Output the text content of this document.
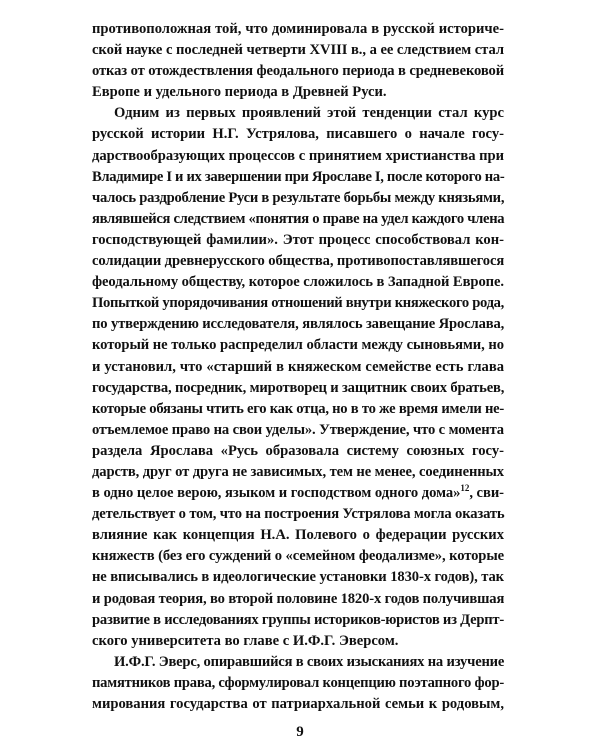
противоположная той, что доминировала в русской историче-
ской науке с последней четверти XVIII в., а ее следствием стал
отказ от отождествления феодального периода в средневековой
Европе и удельного периода в Древней Руси.
Одним из первых проявлений этой тенденции стал курс
русской истории Н.Г. Устрялова, писавшего о начале госу-
дарствообразующих процессов с принятием христианства при
Владимире I и их завершении при Ярославе I, после которого на-
чалось раздробление Руси в результате борьбы между князьями,
являвшейся следствием «понятия о праве на удел каждого члена
господствующей фамилии». Этот процесс способствовал кон-
солидации древнерусского общества, противопоставлявшегося
феодальному обществу, которое сложилось в Западной Европе.
Попыткой упорядочивания отношений внутри княжеского рода,
по утверждению исследователя, являлось завещание Ярослава,
который не только распределил области между сыновьями, но
и установил, что «старший в княжеском семействе есть глава
государства, посредник, миротворец и защитник своих братьев,
которые обязаны чтить его как отца, но в то же время имели не-
отъемлемое право на свои уделы». Утверждение, что с момента
раздела Ярослава «Русь образовала систему союзных госу-
дарств, друг от друга не зависимых, тем не менее, соединенных
в одно целое верою, языком и господством одного дома»$^{12}$, сви-
детельствует о том, что на построения Устрялова могла оказать
влияние как концепция Н.А. Полевого о федерации русских
княжеств (без его суждений о «семейном феодализме», которые
не вписывались в идеологические установки 1830-х годов), так
и родовая теория, во второй половине 1820-х годов получившая
развитие в исследованиях группы историков-юристов из Дерпт-
ского университета во главе с И.Ф.Г. Эверсом.
И.Ф.Г. Эверс, опиравшийся в своих изысканиях на изучение
памятников права, сформулировал концепцию поэтапного фор-
мирования государства от патриархальной семьи к родовым,
9
